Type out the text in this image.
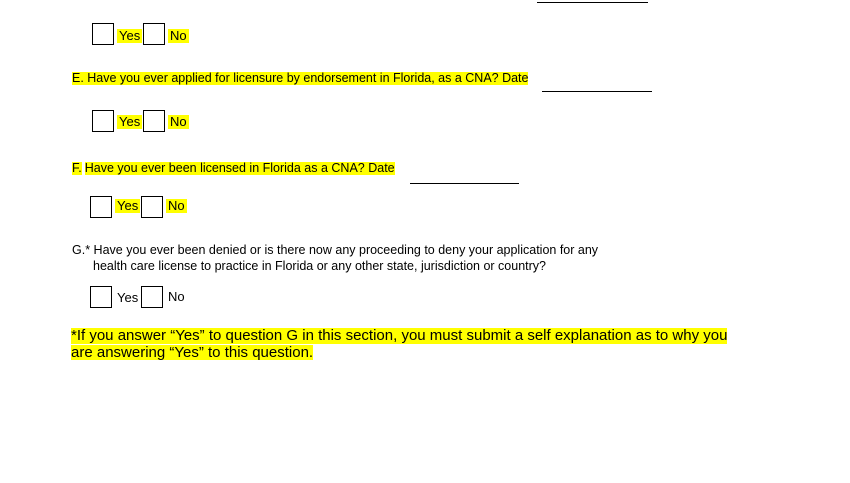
Yes No
E. Have you ever applied for licensure by endorsement in Florida, as a CNA? Date
Yes No
F. Have you ever been licensed in Florida as a CNA? Date
Yes No
G.* Have you ever been denied or is there now any proceeding to deny your application for any
health care license to practice in Florida or any other state, jurisdiction or country?
Yes No
*If you answer “Yes” to question G in this section, you must submit a self explanation as to why you
are answering “Yes” to this question.
